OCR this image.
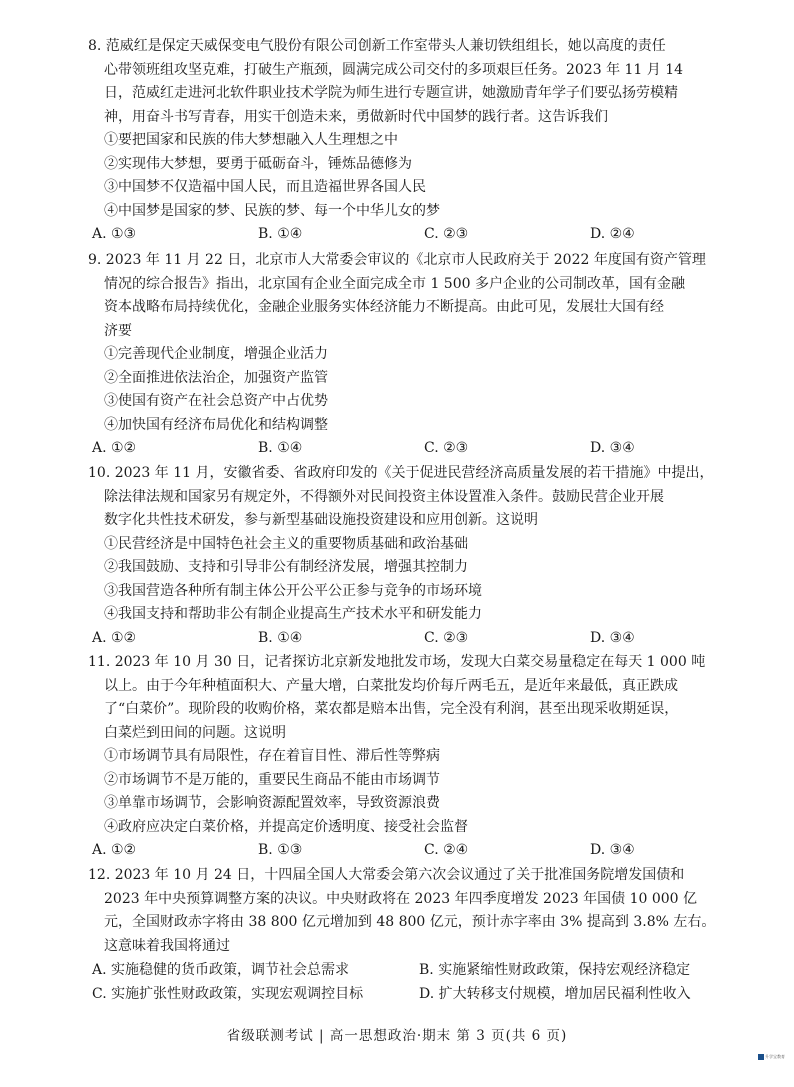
8. 范威红是保定天威保变电气股份有限公司创新工作室带头人兼切铁组组长，她以高度的责任
心带领班组攻坚克难，打破生产瓶颈，圆满完成公司交付的多项艰巨任务。2023 年 11 月 14
日，范威红走进河北软件职业技术学院为师生进行专题宣讲，她激励青年学子们要弘扬劳模精
神，用奋斗书写青春，用实干创造未来，勇做新时代中国梦的践行者。这告诉我们
①要把国家和民族的伟大梦想融入人生理想之中
②实现伟大梦想，要勇于砥砺奋斗，锤炼品德修为
③中国梦不仅造福中国人民，而且造福世界各国人民
④中国梦是国家的梦、民族的梦、每一个中华儿女的梦
A. ①③	B. ①④	C. ②③	D. ②④
9. 2023 年 11 月 22 日，北京市人大常委会审议的《北京市人民政府关于 2022 年度国有资产管理
情况的综合报告》指出，北京国有企业全面完成全市 1 500 多户企业的公司制改革，国有金融
资本战略布局持续优化，金融企业服务实体经济能力不断提高。由此可见，发展壮大国有经
济要
①完善现代企业制度，增强企业活力
②全面推进依法治企，加强资产监管
③使国有资产在社会总资产中占优势
④加快国有经济布局优化和结构调整
A. ①②	B. ①④	C. ②③	D. ③④
10. 2023 年 11 月，安徽省委、省政府印发的《关于促进民营经济高质量发展的若干措施》中提出，
除法律法规和国家另有规定外，不得额外对民间投资主体设置准入条件。鼓励民营企业开展
数字化共性技术研发，参与新型基础设施投资建设和应用创新。这说明
①民营经济是中国特色社会主义的重要物质基础和政治基础
②我国鼓励、支持和引导非公有制经济发展，增强其控制力
③我国营造各种所有制主体公开公平公正参与竞争的市场环境
④我国支持和帮助非公有制企业提高生产技术水平和研发能力
A. ①②	B. ①④	C. ②③	D. ③④
11. 2023 年 10 月 30 日，记者探访北京新发地批发市场，发现大白菜交易量稳定在每天 1 000 吨
以上。由于今年种植面积大、产量大增，白菜批发均价每斤两毛五，是近年来最低，真正跌成
了“白菜价”。现阶段的收购价格，菜农都是赔本出售，完全没有利润，甚至出现采收期延误，
白菜烂到田间的问题。这说明
①市场调节具有局限性，存在着盲目性、滞后性等弊病
②市场调节不是万能的，重要民生商品不能由市场调节
③单靠市场调节，会影响资源配置效率，导致资源浪费
④政府应决定白菜价格，并提高定价透明度、接受社会监督
A. ①②	B. ①③	C. ②④	D. ③④
12. 2023 年 10 月 24 日，十四届全国人大常委会第六次会议通过了关于批准国务院增发国债和
2023 年中央预算调整方案的决议。中央财政将在 2023 年四季度增发 2023 年国债 10 000 亿
元，全国财政赤字将由 38 800 亿元增加到 48 800 亿元，预计赤字率由 3% 提高到 3.8% 左右。
这意味着我国将通过
A. 实施稳健的货币政策，调节社会总需求	B. 实施紧缩性财政政策，保持宏观经济稳定
C. 实施扩张性财政政策，实现宏观调控目标	D. 扩大转移支付规模，增加居民福利性收入
省级联测考试 | 高一思想政治·期末 第 3 页(共 6 页)
升学宝教育
